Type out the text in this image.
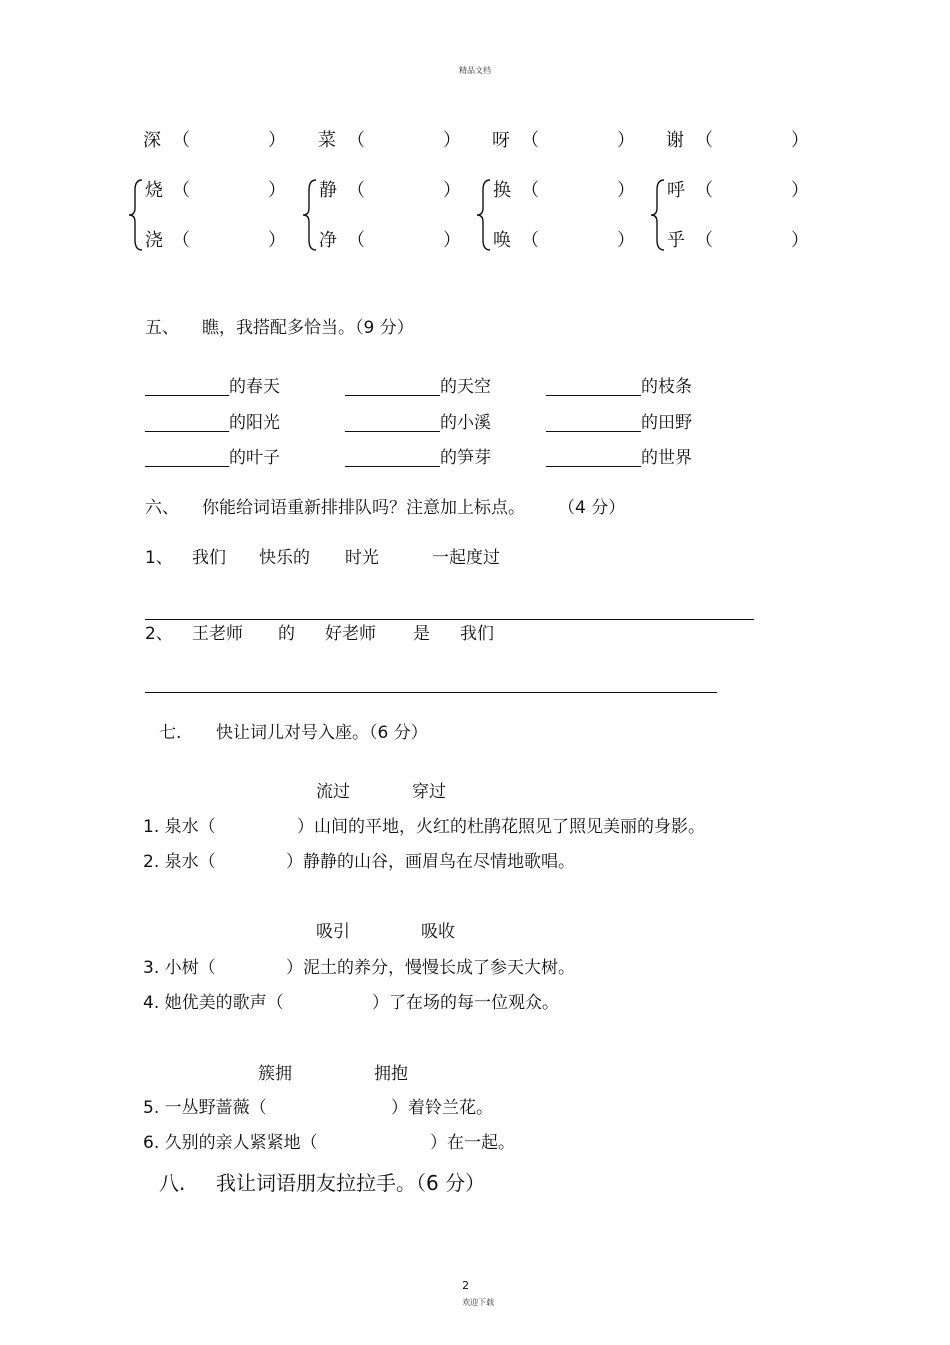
精品文档
深 （	） 菜 （	） 呀 （	） 谢 （	）
烧 （	） 静 （	） 换 （	） 呼 （	）
浇 （	） 净 （	） 唤 （	） 乎 （	）
五、 瞧，我搭配多恰当。（9 分）
的春天	的天空	的枝条
的阳光	的小溪	的田野
的叶子	的笋芽	的世界
六、 你能给词语重新排排队吗？注意加上标点。 （4 分）
1、 我们 快乐的 时光	一起度过
2、 王老师 的 好老师 是 我们
七. 快让词儿对号入座。（6 分）
流过	穿过
1. 泉水（	）山间的平地，火红的杜鹃花照见了照见美丽的身影。
2. 泉水（	）静静的山谷，画眉鸟在尽情地歌唱。
吸引	吸收
3. 小树（	）泥土的养分，慢慢长成了参天大树。
4. 她优美的歌声（	）了在场的每一位观众。
簇拥	拥抱
5. 一丛野蔷薇（	）着铃兰花。
6. 久别的亲人紧紧地（	）在一起。
八. 我让词语朋友拉拉手。（6 分）

2
欢迎下载
